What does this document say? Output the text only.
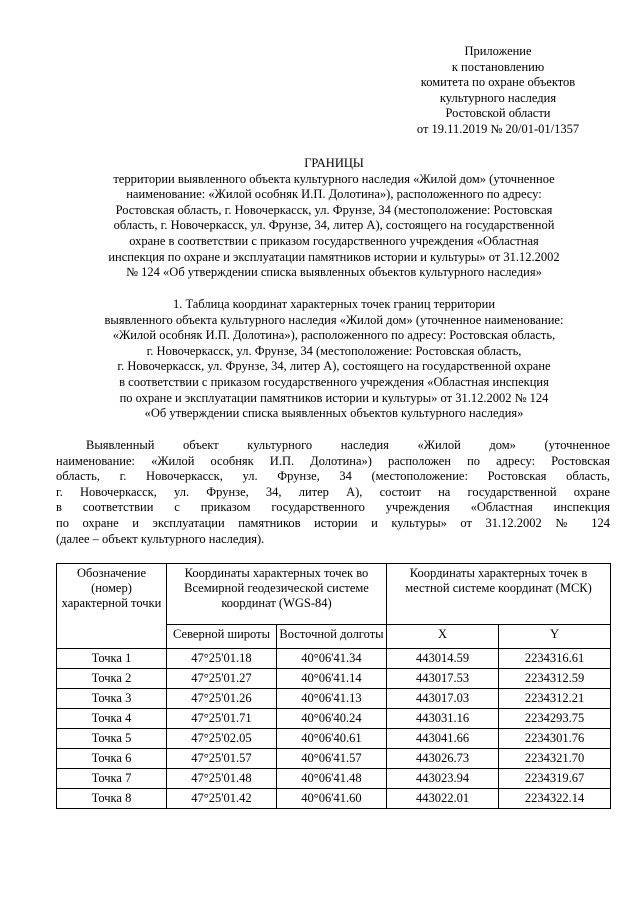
Приложение
к постановлению
комитета по охране объектов
культурного наследия
Ростовской области
от 19.11.2019 № 20/01-01/1357
ГРАНИЦЫ
территории выявленного объекта культурного наследия «Жилой дом» (уточненное
наименование: «Жилой особняк И.П. Долотина»), расположенного по адресу:
Ростовская область, г. Новочеркасск, ул. Фрунзе, 34 (местоположение: Ростовская
область, г. Новочеркасск, ул. Фрунзе, 34, литер А), состоящего на государственной
охране в соответствии с приказом государственного учреждения «Областная
инспекция по охране и эксплуатации памятников истории и культуры» от 31.12.2002
№ 124 «Об утверждении списка выявленных объектов культурного наследия»
1. Таблица координат характерных точек границ территории
выявленного объекта культурного наследия «Жилой дом» (уточненное наименование:
«Жилой особняк И.П. Долотина»), расположенного по адресу: Ростовская область,
г. Новочеркасск, ул. Фрунзе, 34 (местоположение: Ростовская область,
г. Новочеркасск, ул. Фрунзе, 34, литер А), состоящего на государственной охране
в соответствии с приказом государственного учреждения «Областная инспекция
по охране и эксплуатации памятников истории и культуры» от 31.12.2002 № 124
«Об утверждении списка выявленных объектов культурного наследия»
Выявленный объект культурного наследия «Жилой дом» (уточненное
наименование: «Жилой особняк И.П. Долотина») расположен по адресу: Ростовская
область, г. Новочеркасск, ул. Фрунзе, 34 (местоположение: Ростовская область,
г. Новочеркасск, ул. Фрунзе, 34, литер А), состоит на государственной охране
в соответствии с приказом государственного учреждения «Областная инспекция
по охране и эксплуатации памятников истории и культуры» от 31.12.2002 № 124
(далее – объект культурного наследия).
Обозначение (номер) характерной точки	Координаты характерных точек во Всемирной геодезической системе координат (WGS-84)		Координаты характерных точек в местной системе координат (МСК)	
	Северной широты	Восточной долготы	X	Y
Точка 1	47°25'01.18	40°06'41.34	443014.59	2234316.61
Точка 2	47°25'01.27	40°06'41.14	443017.53	2234312.59
Точка 3	47°25'01.26	40°06'41.13	443017.03	2234312.21
Точка 4	47°25'01.71	40°06'40.24	443031.16	2234293.75
Точка 5	47°25'02.05	40°06'40.61	443041.66	2234301.76
Точка 6	47°25'01.57	40°06'41.57	443026.73	2234321.70
Точка 7	47°25'01.48	40°06'41.48	443023.94	2234319.67
Точка 8	47°25'01.42	40°06'41.60	443022.01	2234322.14
